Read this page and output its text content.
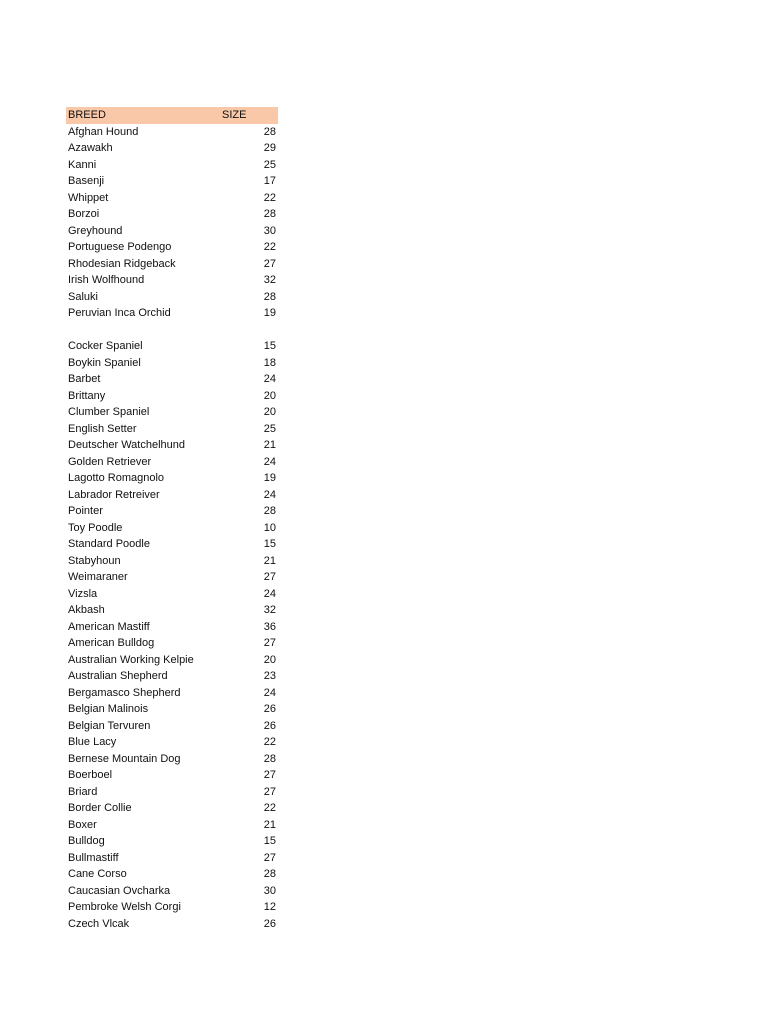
BREED	SIZE
Afghan Hound	28
Azawakh	29
Kanni	25
Basenji	17
Whippet	22
Borzoi	28
Greyhound	30
Portuguese Podengo	22
Rhodesian Ridgeback	27
Irish Wolfhound	32
Saluki	28
Peruvian Inca Orchid	19
Cocker Spaniel	15
Boykin Spaniel	18
Barbet	24
Brittany	20
Clumber Spaniel	20
English Setter	25
Deutscher Watchelhund	21
Golden Retriever	24
Lagotto Romagnolo	19
Labrador Retreiver	24
Pointer	28
Toy Poodle	10
Standard Poodle	15
Stabyhoun	21
Weimaraner	27
Vizsla	24
Akbash	32
American Mastiff	36
American Bulldog	27
Australian Working Kelpie	20
Australian Shepherd	23
Bergamasco Shepherd	24
Belgian Malinois	26
Belgian Tervuren	26
Blue Lacy	22
Bernese Mountain Dog	28
Boerboel	27
Briard	27
Border Collie	22
Boxer	21
Bulldog	15
Bullmastiff	27
Cane Corso	28
Caucasian Ovcharka	30
Pembroke Welsh Corgi	12
Czech Vlcak	26
